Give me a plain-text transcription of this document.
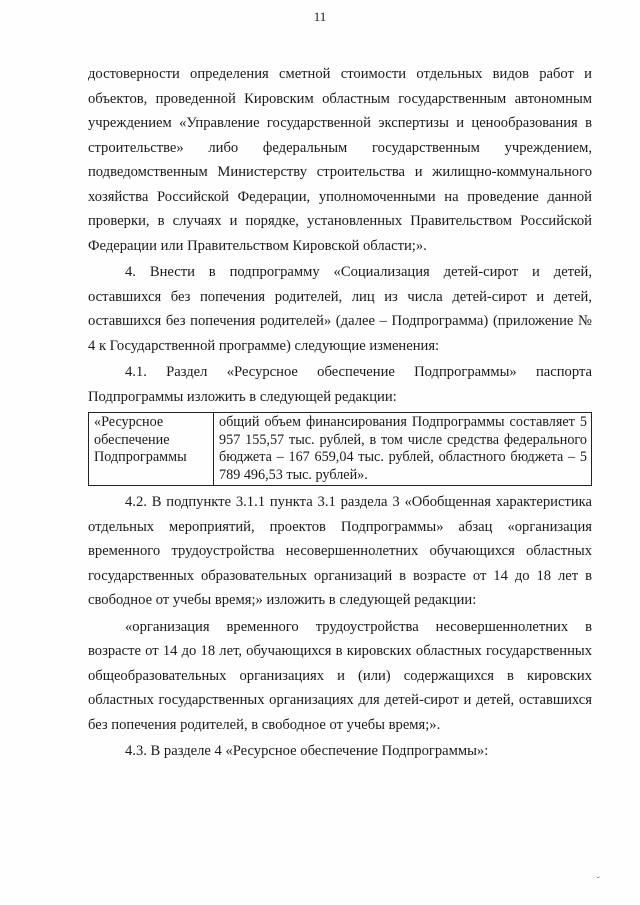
11

достоверности определения сметной стоимости отдельных видов работ и объектов, проведенной Кировским областным государственным автономным учреждением «Управление государственной экспертизы и ценообразования в строительстве» либо федеральным государственным учреждением, подведомственным Министерству строительства и жилищно-коммунального хозяйства Российской Федерации, уполномоченными на проведение данной проверки, в случаях и порядке, установленных Правительством Российской Федерации или Правительством Кировской области;».

4. Внести в подпрограмму «Социализация детей-сирот и детей, оставшихся без попечения родителей, лиц из числа детей-сирот и детей, оставшихся без попечения родителей» (далее – Подпрограмма) (приложение № 4 к Государственной программе) следующие изменения:

4.1. Раздел «Ресурсное обеспечение Подпрограммы» паспорта Подпрограммы изложить в следующей редакции:

«Ресурсное обеспечение Подпрограммы	общий объем финансирования Подпрограммы составляет 5 957 155,57 тыс. рублей, в том числе средства федерального бюджета – 167 659,04 тыс. рублей, областного бюджета – 5 789 496,53 тыс. рублей».

4.2. В подпункте 3.1.1 пункта 3.1 раздела 3 «Обобщенная характеристика отдельных мероприятий, проектов Подпрограммы» абзац «организация временного трудоустройства несовершеннолетних обучающихся областных государственных образовательных организаций в возрасте от 14 до 18 лет в свободное от учебы время;» изложить в следующей редакции:

«организация временного трудоустройства несовершеннолетних в возрасте от 14 до 18 лет, обучающихся в кировских областных государственных общеобразовательных организациях и (или) содержащихся в кировских областных государственных организациях для детей-сирот и детей, оставшихся без попечения родителей, в свободное от учебы время;».

4.3. В разделе 4 «Ресурсное обеспечение Подпрограммы»:

ˇ
